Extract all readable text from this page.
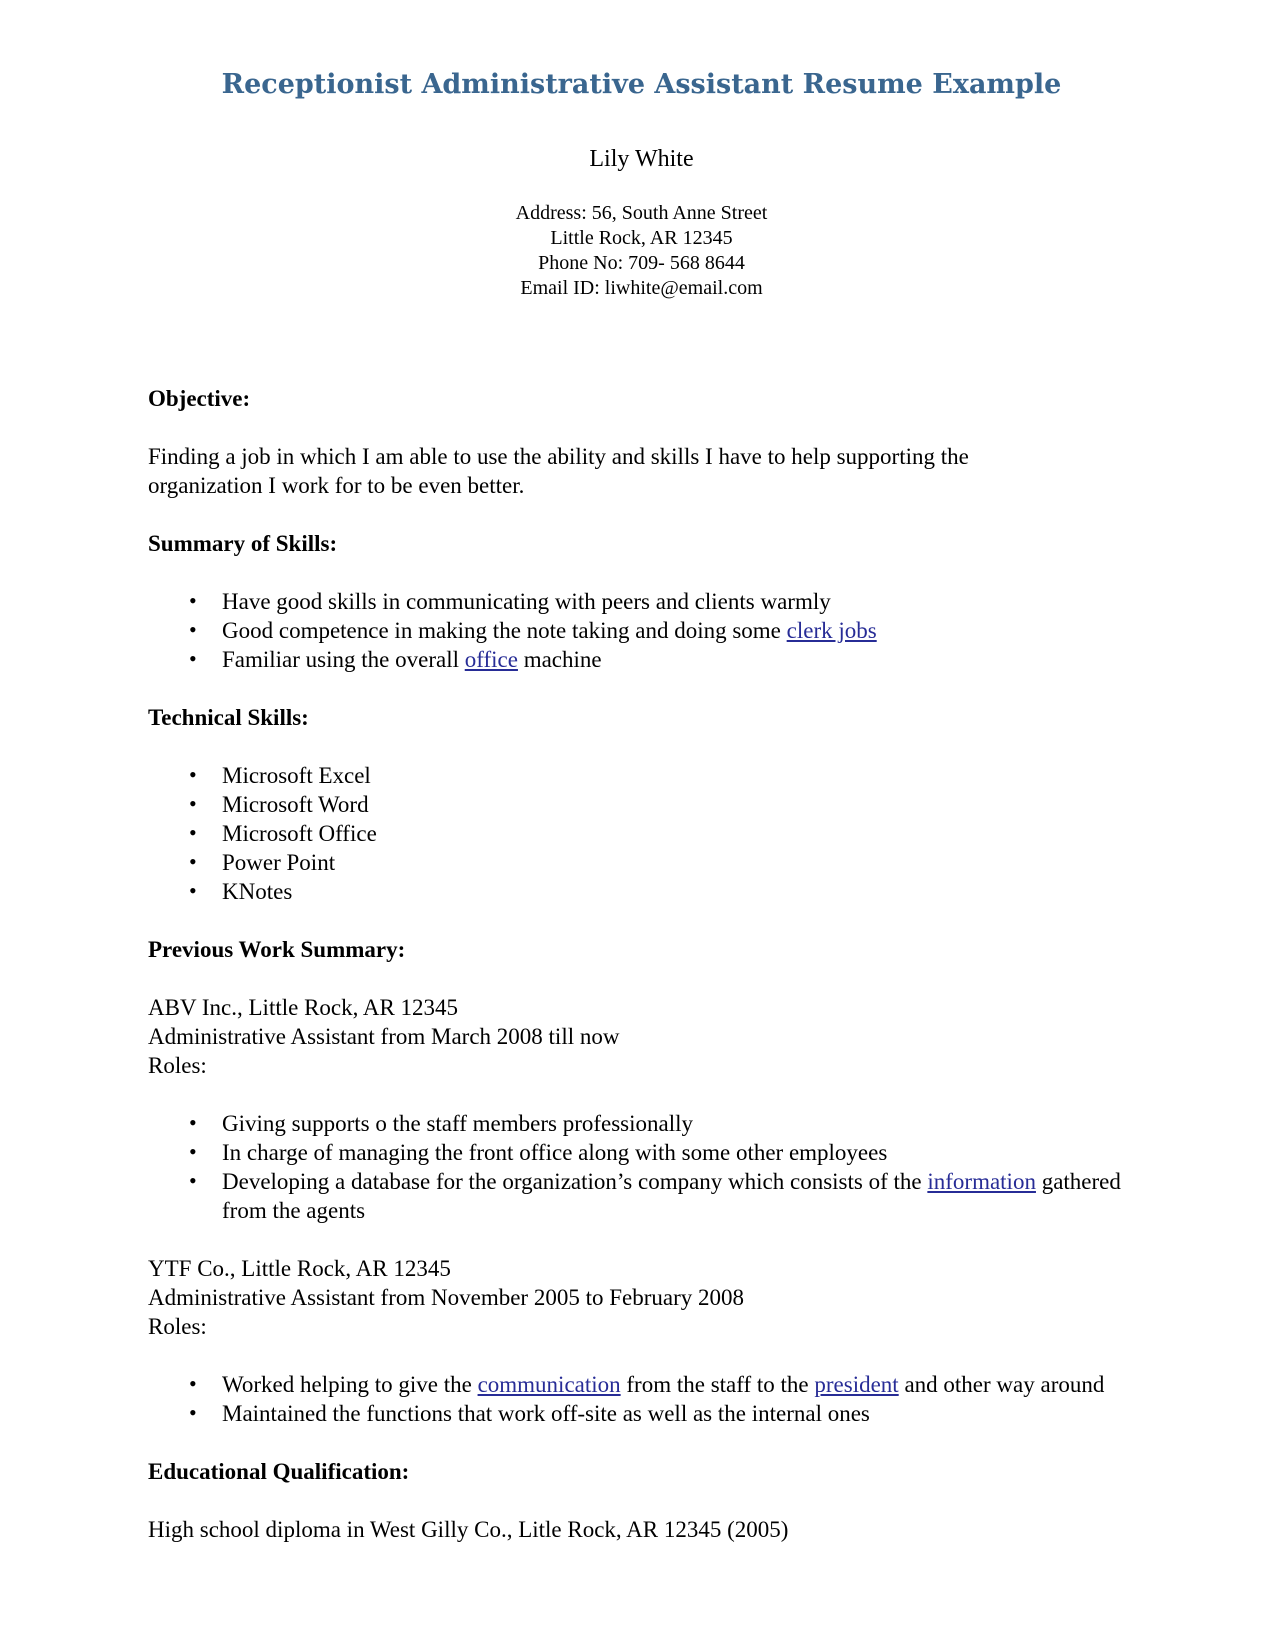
Receptionist Administrative Assistant Resume Example
Lily White
Address: 56, South Anne Street
Little Rock, AR 12345
Phone No: 709- 568 8644
Email ID: liwhite@email.com
Objective:
Finding a job in which I am able to use the ability and skills I have to help supporting the
organization I work for to be even better.
Summary of Skills:
• Have good skills in communicating with peers and clients warmly
• Good competence in making the note taking and doing some clerk jobs
• Familiar using the overall office machine
Technical Skills:
• Microsoft Excel
• Microsoft Word
• Microsoft Office
• Power Point
• KNotes
Previous Work Summary:
ABV Inc., Little Rock, AR 12345
Administrative Assistant from March 2008 till now
Roles:
• Giving supports o the staff members professionally
• In charge of managing the front office along with some other employees
• Developing a database for the organization’s company which consists of the information gathered from the agents
YTF Co., Little Rock, AR 12345
Administrative Assistant from November 2005 to February 2008
Roles:
• Worked helping to give the communication from the staff to the president and other way around
• Maintained the functions that work off-site as well as the internal ones
Educational Qualification:

High school diploma in West Gilly Co., Litle Rock, AR 12345 (2005)
